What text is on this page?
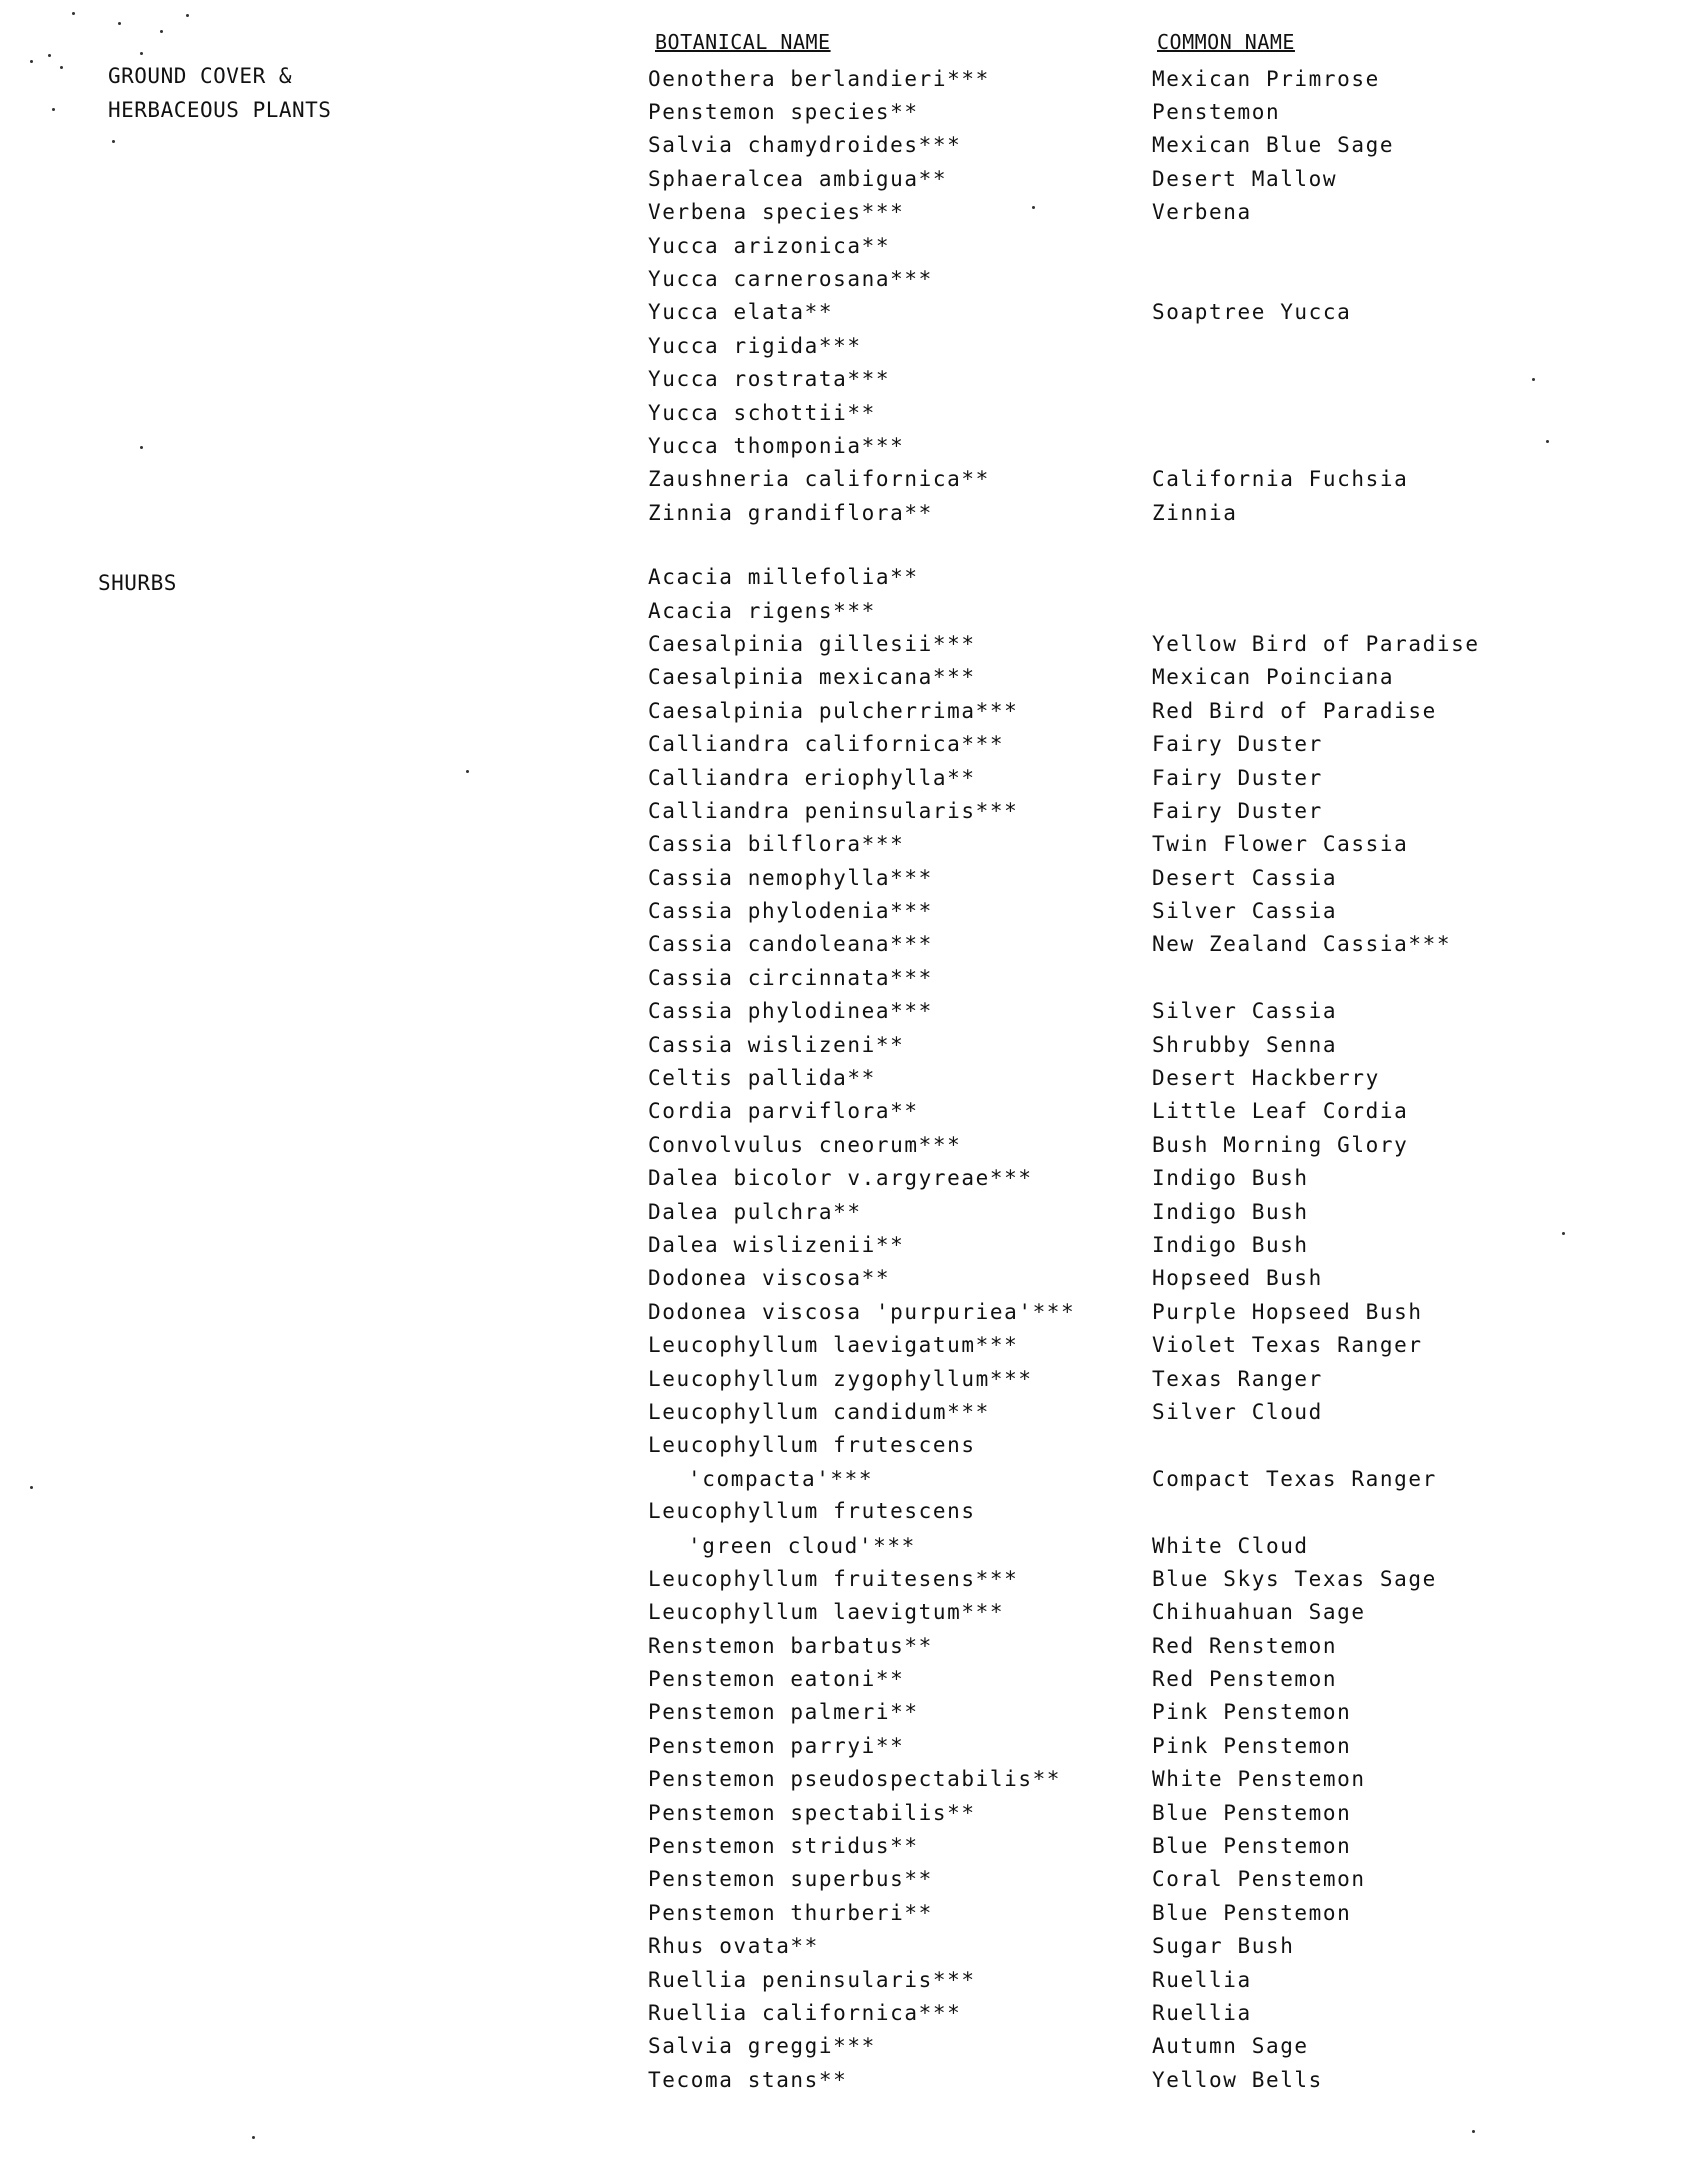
GROUND COVER &
HERBACEOUS PLANTS
SHURBS
BOTANICAL NAME	COMMON NAME
Oenothera berlandieri***	Mexican Primrose
Penstemon species**	Penstemon
Salvia chamydroides***	Mexican Blue Sage
Sphaeralcea ambigua**	Desert Mallow
Verbena species***	Verbena
Yucca arizonica**
Yucca carnerosana***
Yucca elata**	Soaptree Yucca
Yucca rigida***
Yucca rostrata***
Yucca schottii**
Yucca thomponia***
Zaushneria californica**	California Fuchsia
Zinnia grandiflora**	Zinnia
Acacia millefolia**
Acacia rigens***
Caesalpinia gillesii***	Yellow Bird of Paradise
Caesalpinia mexicana***	Mexican Poinciana
Caesalpinia pulcherrima***	Red Bird of Paradise
Calliandra californica***	Fairy Duster
Calliandra eriophylla**	Fairy Duster
Calliandra peninsularis***	Fairy Duster
Cassia bilflora***	Twin Flower Cassia
Cassia nemophylla***	Desert Cassia
Cassia phylodenia***	Silver Cassia
Cassia candoleana***	New Zealand Cassia***
Cassia circinnata***
Cassia phylodinea***	Silver Cassia
Cassia wislizeni**	Shrubby Senna
Celtis pallida**	Desert Hackberry
Cordia parviflora**	Little Leaf Cordia
Convolvulus cneorum***	Bush Morning Glory
Dalea bicolor v.argyreae***	Indigo Bush
Dalea pulchra**	Indigo Bush
Dalea wislizenii**	Indigo Bush
Dodonea viscosa**	Hopseed Bush
Dodonea viscosa 'purpuriea'***	Purple Hopseed Bush
Leucophyllum laevigatum***	Violet Texas Ranger
Leucophyllum zygophyllum***	Texas Ranger
Leucophyllum candidum***	Silver Cloud
Leucophyllum frutescens
'compacta'***	Compact Texas Ranger
Leucophyllum frutescens
'green cloud'***	White Cloud
Leucophyllum fruitesens***	Blue Skys Texas Sage
Leucophyllum laevigtum***	Chihuahuan Sage
Renstemon barbatus**	Red Renstemon
Penstemon eatoni**	Red Penstemon
Penstemon palmeri**	Pink Penstemon
Penstemon parryi**	Pink Penstemon
Penstemon pseudospectabilis**	White Penstemon
Penstemon spectabilis**	Blue Penstemon
Penstemon stridus**	Blue Penstemon
Penstemon superbus**	Coral Penstemon
Penstemon thurberi**	Blue Penstemon
Rhus ovata**	Sugar Bush
Ruellia peninsularis***	Ruellia
Ruellia californica***	Ruellia
Salvia greggi***	Autumn Sage
Tecoma stans**	Yellow Bells
